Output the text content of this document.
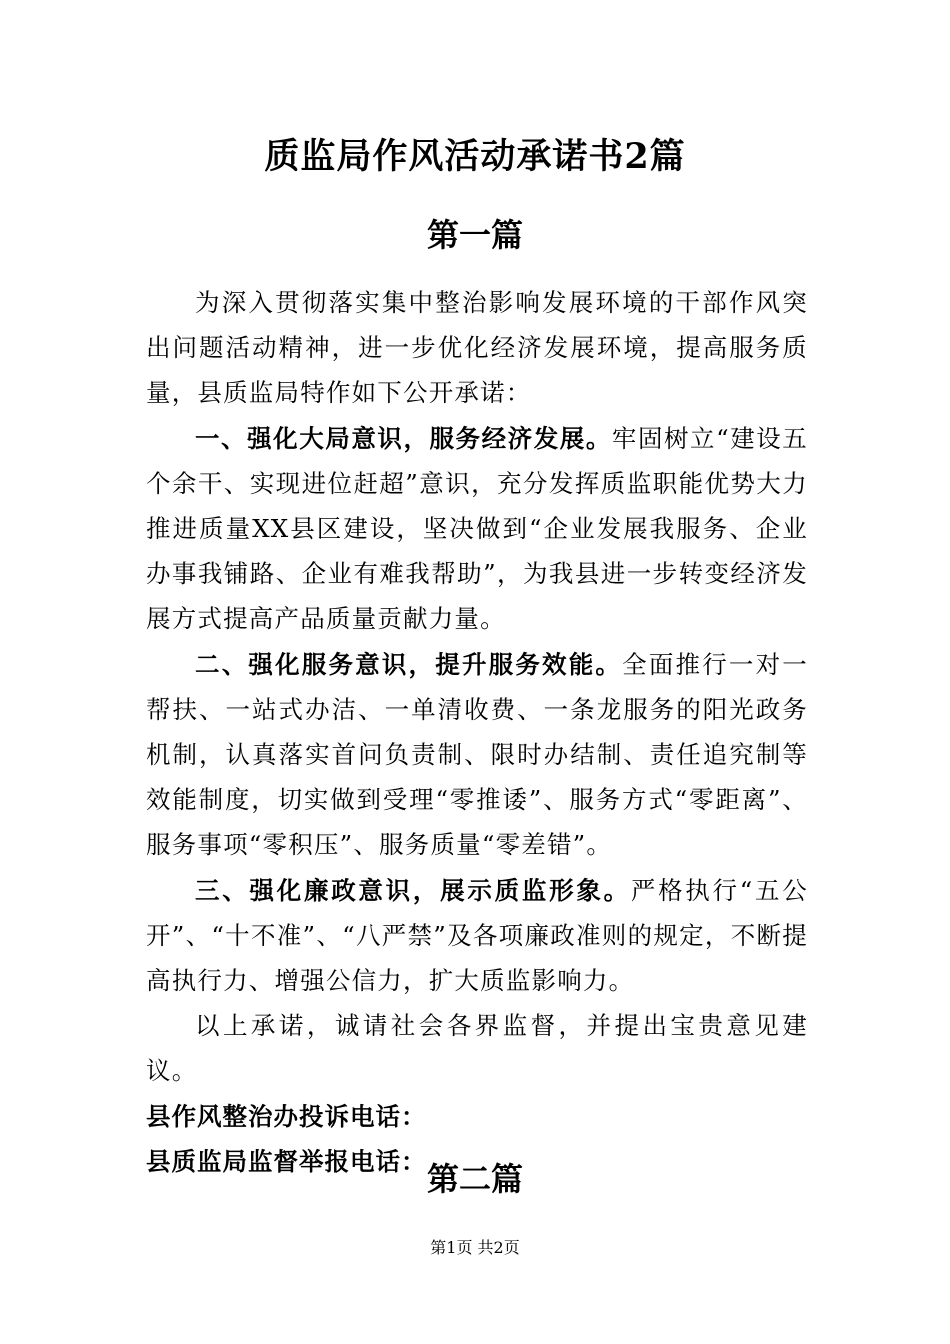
质监局作风活动承诺书2篇
第一篇

为深入贯彻落实集中整治影响发展环境的干部作风突出问题活动精神，进一步优化经济发展环境，提高服务质量，县质监局特作如下公开承诺：

一、强化大局意识，服务经济发展。牢固树立“建设五个余干、实现进位赶超”意识，充分发挥质监职能优势大力推进质量XX县区建设，坚决做到“企业发展我服务、企业办事我铺路、企业有难我帮助”，为我县进一步转变经济发展方式提高产品质量贡献力量。

二、强化服务意识，提升服务效能。全面推行一对一帮扶、一站式办洁、一单清收费、一条龙服务的阳光政务机制，认真落实首问负责制、限时办结制、责任追究制等效能制度，切实做到受理“零推诿”、服务方式“零距离”、服务事项“零积压”、服务质量“零差错”。

三、强化廉政意识，展示质监形象。严格执行“五公开”、“十不准”、“八严禁”及各项廉政准则的规定，不断提高执行力、增强公信力，扩大质监影响力。

以上承诺，诚请社会各界监督，并提出宝贵意见建议。

县作风整治办投诉电话：

县质监局监督举报电话： 第二篇
第1页 共2页
